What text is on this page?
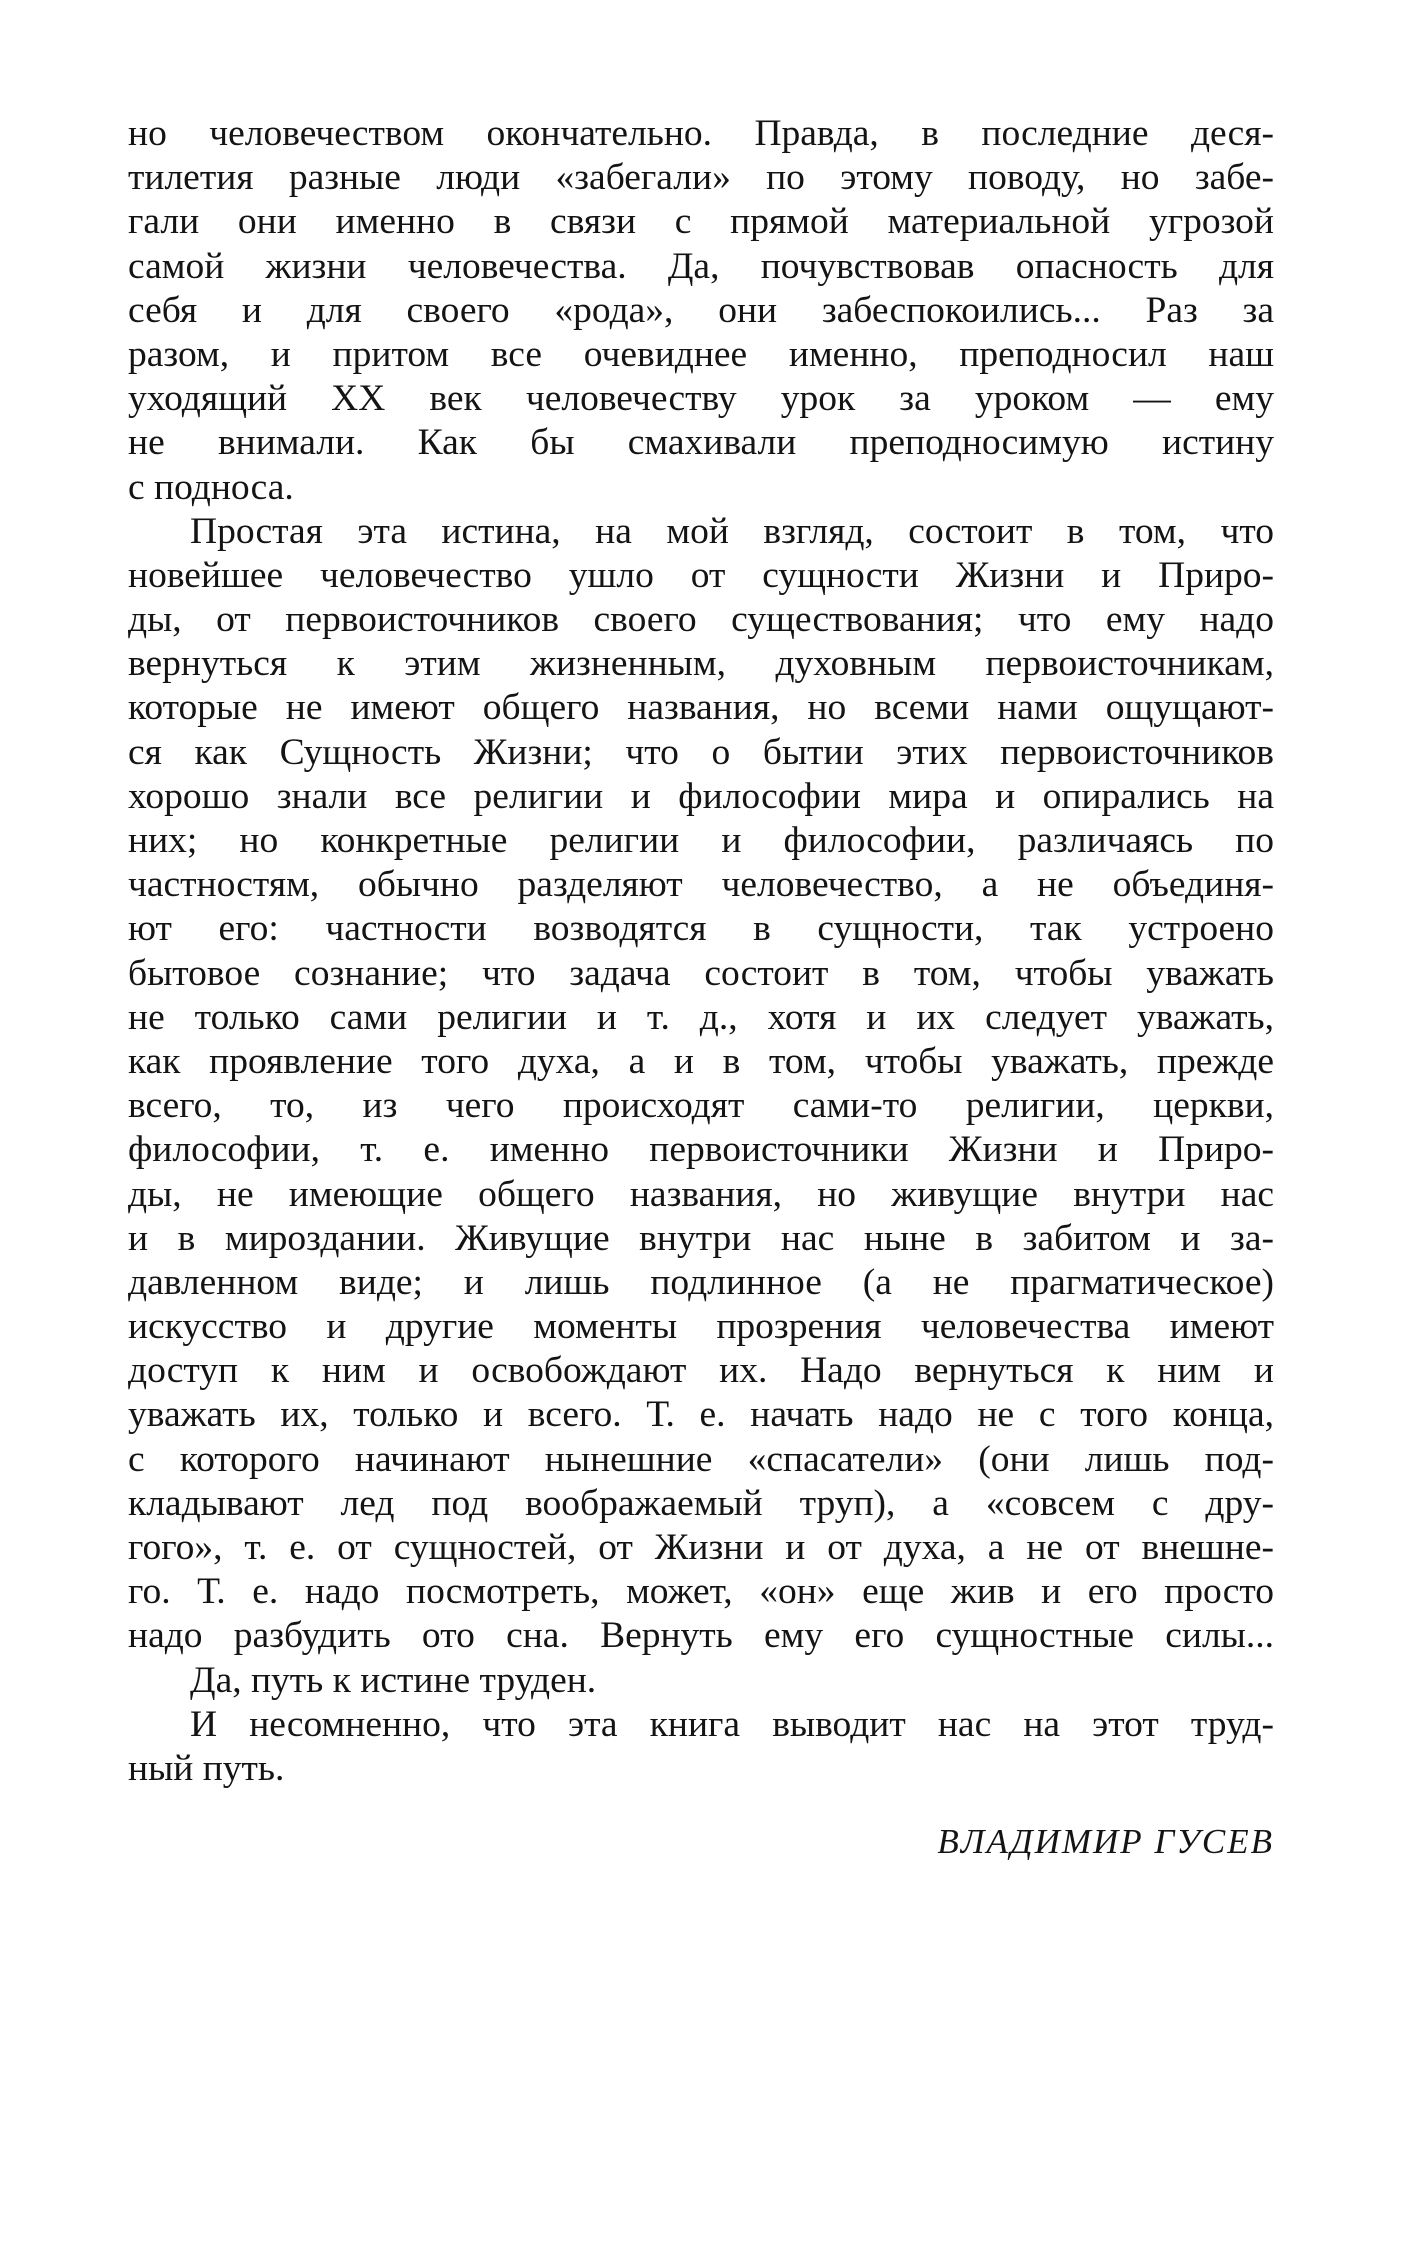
но человечеством окончательно. Правда, в последние деся-
тилетия разные люди «забегали» по этому поводу, но забе-
гали они именно в связи с прямой материальной угрозой
самой жизни человечества. Да, почувствовав опасность для
себя и для своего «рода», они забеспокоились... Раз за
разом, и притом все очевиднее именно, преподносил наш
уходящий XX век человечеству урок за уроком — ему
не внимали. Как бы смахивали преподносимую истину
с подноса.
Простая эта истина, на мой взгляд, состоит в том, что
новейшее человечество ушло от сущности Жизни и Приро-
ды, от первоисточников своего существования; что ему надо
вернуться к этим жизненным, духовным первоисточникам,
которые не имеют общего названия, но всеми нами ощущают-
ся как Сущность Жизни; что о бытии этих первоисточников
хорошо знали все религии и философии мира и опирались на
них; но конкретные религии и философии, различаясь по
частностям, обычно разделяют человечество, а не объединя-
ют его: частности возводятся в сущности, так устроено
бытовое сознание; что задача состоит в том, чтобы уважать
не только сами религии и т. д., хотя и их следует уважать,
как проявление того духа, а и в том, чтобы уважать, прежде
всего, то, из чего происходят сами-то религии, церкви,
философии, т. е. именно первоисточники Жизни и Приро-
ды, не имеющие общего названия, но живущие внутри нас
и в мироздании. Живущие внутри нас ныне в забитом и за-
давленном виде; и лишь подлинное (а не прагматическое)
искусство и другие моменты прозрения человечества имеют
доступ к ним и освобождают их. Надо вернуться к ним и
уважать их, только и всего. Т. е. начать надо не с того конца,
с которого начинают нынешние «спасатели» (они лишь под-
кладывают лед под воображаемый труп), а «совсем с дру-
гого», т. е. от сущностей, от Жизни и от духа, а не от внешне-
го. Т. е. надо посмотреть, может, «он» еще жив и его просто
надо разбудить ото сна. Вернуть ему его сущностные силы...
Да, путь к истине труден.
И несомненно, что эта книга выводит нас на этот труд-
ный путь.
ВЛАДИМИР ГУСЕВ
